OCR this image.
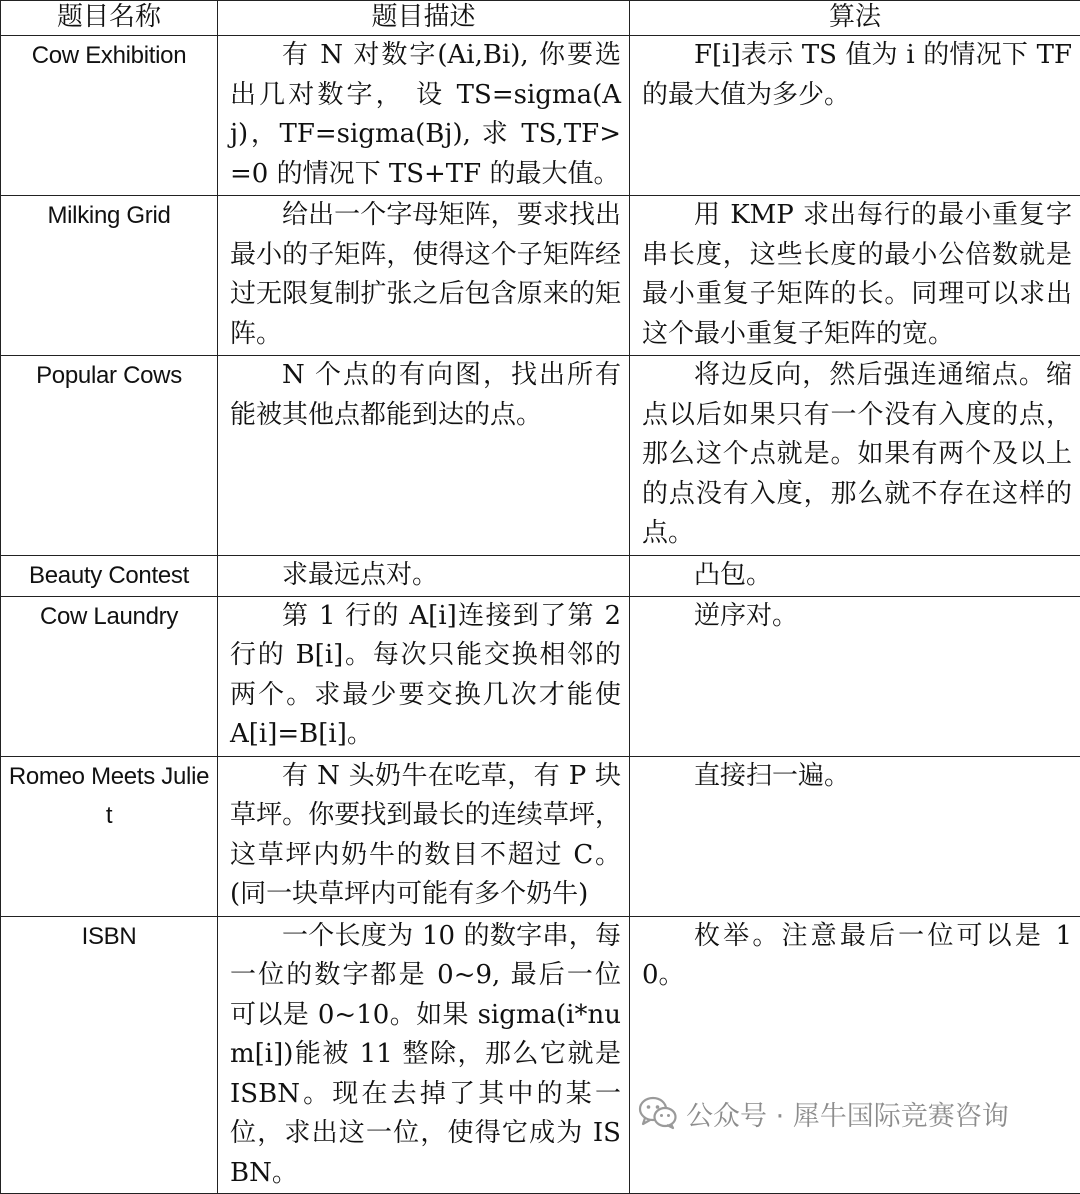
题目名称	题目描述	算法
Cow Exhibition	有 N 对数字(Ai,Bi), 你要选出几对数字， 设 TS=sigma(Aj)，TF=sigma(Bj), 求 TS,TF>=0 的情况下 TS+TF 的最大值。	F[i]表示 TS 值为 i 的情况下 TF 的最大值为多少。
Milking Grid	给出一个字母矩阵，要求找出最小的子矩阵，使得这个子矩阵经过无限复制扩张之后包含原来的矩阵。	用 KMP 求出每行的最小重复字串长度，这些长度的最小公倍数就是最小重复子矩阵的长。同理可以求出这个最小重复子矩阵的宽。
Popular Cows	N 个点的有向图，找出所有能被其他点都能到达的点。	将边反向，然后强连通缩点。缩点以后如果只有一个没有入度的点，那么这个点就是。如果有两个及以上的点没有入度，那么就不存在这样的点。
Beauty Contest	求最远点对。	凸包。
Cow Laundry	第 1 行的 A[i]连接到了第 2 行的 B[i]。每次只能交换相邻的两个。求最少要交换几次才能使 A[i]=B[i]。	逆序对。
Romeo Meets Juliet	有 N 头奶牛在吃草，有 P 块草坪。你要找到最长的连续草坪，这草坪内奶牛的数目不超过 C。(同一块草坪内可能有多个奶牛)	直接扫一遍。
ISBN	一个长度为 10 的数字串，每一位的数字都是 0~9, 最后一位可以是 0~10。如果 sigma(i*num[i])能被 11 整除，那么它就是 ISBN。现在去掉了其中的某一位，求出这一位，使得它成为 ISBN。	枚举。注意最后一位可以是 10。
公众号 · 犀牛国际竞赛咨询
